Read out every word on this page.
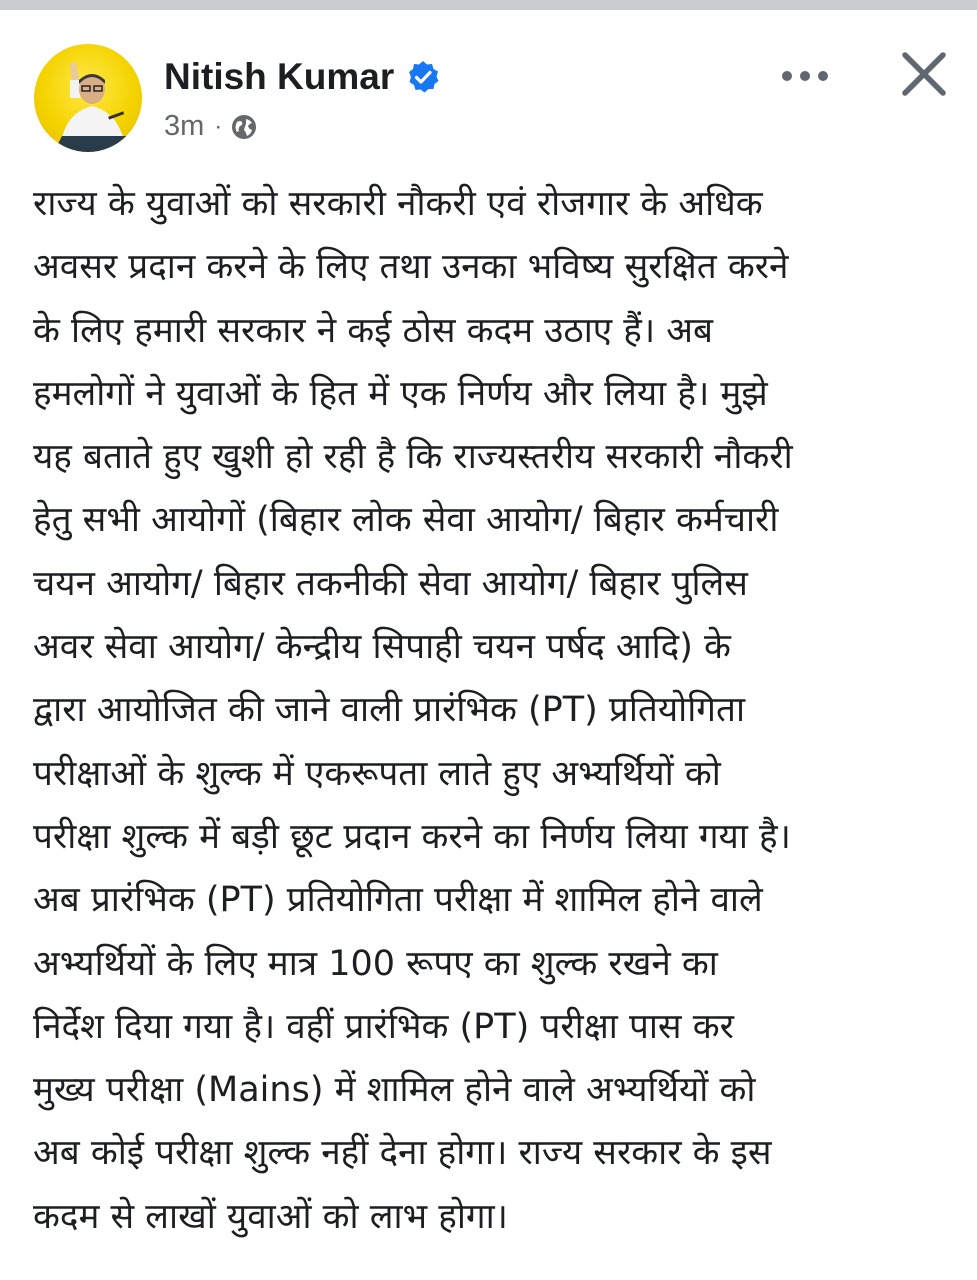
Nitish Kumar
3m ·
राज्य के युवाओं को सरकारी नौकरी एवं रोजगार के अधिक
अवसर प्रदान करने के लिए तथा उनका भविष्य सुरक्षित करने
के लिए हमारी सरकार ने कई ठोस कदम उठाए हैं। अब
हमलोगों ने युवाओं के हित में एक निर्णय और लिया है। मुझे
यह बताते हुए खुशी हो रही है कि राज्यस्तरीय सरकारी नौकरी
हेतु सभी आयोगों (बिहार लोक सेवा आयोग/ बिहार कर्मचारी
चयन आयोग/ बिहार तकनीकी सेवा आयोग/ बिहार पुलिस
अवर सेवा आयोग/ केन्द्रीय सिपाही चयन पर्षद आदि) के
द्वारा आयोजित की जाने वाली प्रारंभिक (PT) प्रतियोगिता
परीक्षाओं के शुल्क में एकरूपता लाते हुए अभ्यर्थियों को
परीक्षा शुल्क में बड़ी छूट प्रदान करने का निर्णय लिया गया है।
अब प्रारंभिक (PT) प्रतियोगिता परीक्षा में शामिल होने वाले
अभ्यर्थियों के लिए मात्र 100 रूपए का शुल्क रखने का
निर्देश दिया गया है। वहीं प्रारंभिक (PT) परीक्षा पास कर
मुख्य परीक्षा (Mains) में शामिल होने वाले अभ्यर्थियों को
अब कोई परीक्षा शुल्क नहीं देना होगा। राज्य सरकार के इस
कदम से लाखों युवाओं को लाभ होगा।
